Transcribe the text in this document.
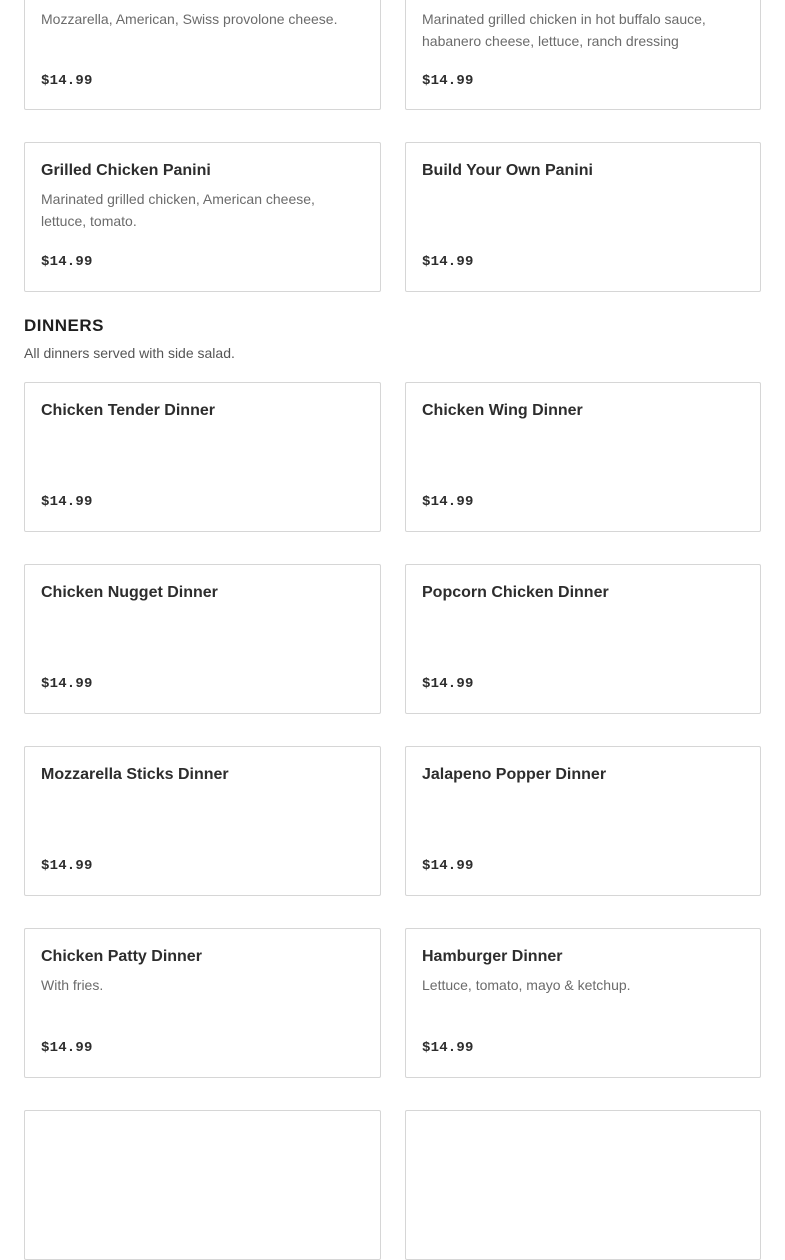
Mozzarella, American, Swiss provolone cheese.
$14.99
Marinated grilled chicken in hot buffalo sauce, habanero cheese, lettuce, ranch dressing
$14.99
Grilled Chicken Panini
Marinated grilled chicken, American cheese, lettuce, tomato.
$14.99
Build Your Own Panini
$14.99
DINNERS

All dinners served with side salad.

Chicken Tender Dinner
$14.99
Chicken Wing Dinner
$14.99
Chicken Nugget Dinner
$14.99
Popcorn Chicken Dinner
$14.99
Mozzarella Sticks Dinner
$14.99
Jalapeno Popper Dinner
$14.99
Chicken Patty Dinner
With fries.
$14.99
Hamburger Dinner
Lettuce, tomato, mayo & ketchup.
$14.99
